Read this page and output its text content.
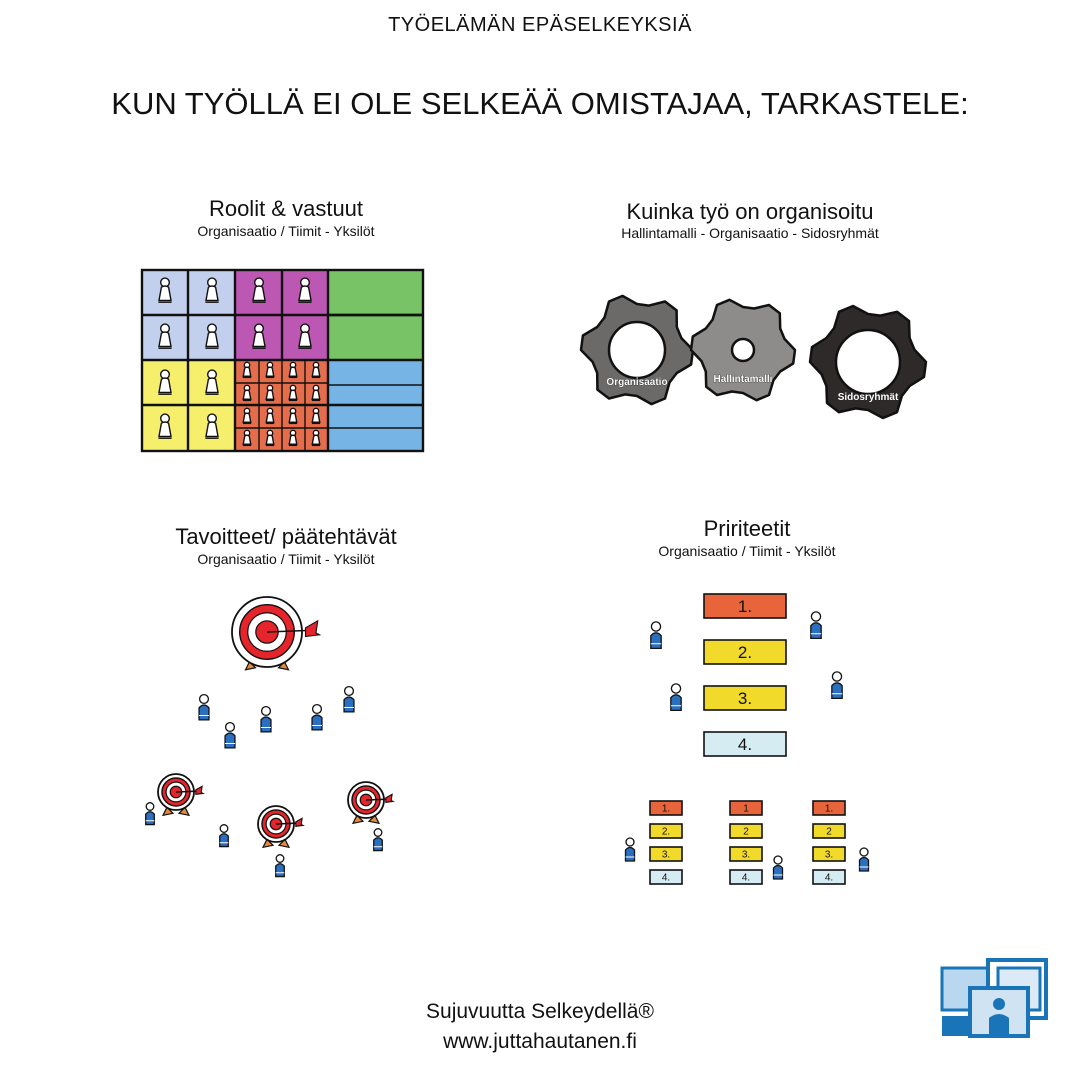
TYÖELÄMÄN EPÄSELKEYKSIÄ
KUN TYÖLLÄ EI OLE SELKEÄÄ OMISTAJAA, TARKASTELE:
Roolit & vastuut
Organisaatio / Tiimit - Yksilöt
Kuinka työ on organisoitu
Hallintamalli - Organisaatio - Sidosryhmät
Organisaatio	Hallintamalli
Sidosryhmät
Tavoitteet/ päätehtävät
Organisaatio / Tiimit - Yksilöt
Pririteetit
Organisaatio / Tiimit - Yksilöt
1.
2.
3.
4.
1.
2.
3.
4.
1
2
3.
4.
1.
2
3.
4.
Sujuvuutta Selkeydellä®
www.juttahautanen.fi
